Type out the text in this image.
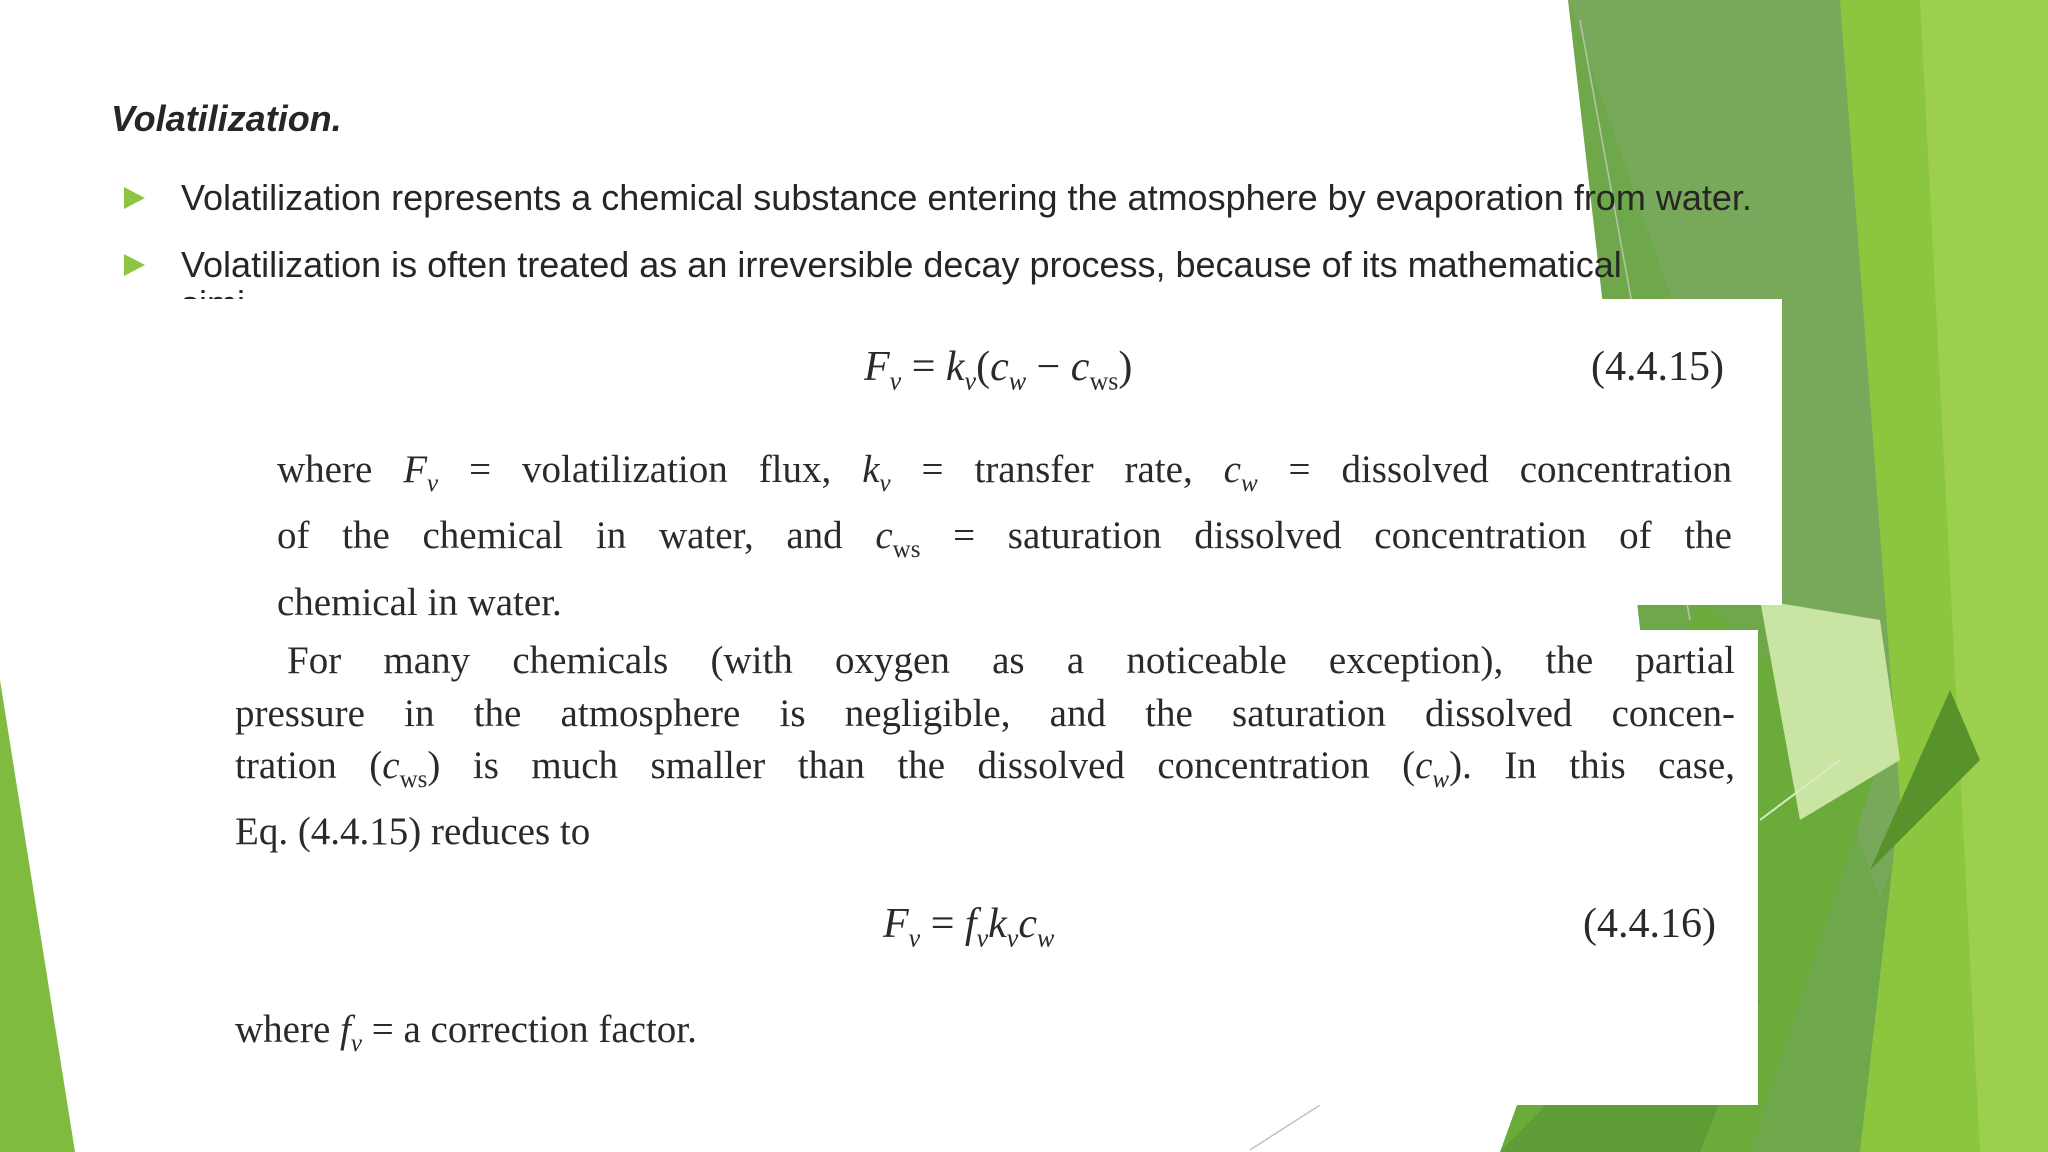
Volatilization.
Volatilization represents a chemical substance entering the atmosphere by evaporation from water.
Volatilization is often treated as an irreversible decay process, because of its mathematical
$F_v = k_v(c_w - c_{ws})$	(4.4.15)
where $F_v$ = volatilization flux, $k_v$ = transfer rate, $c_w$ = dissolved concentration
of the chemical in water, and $c_{ws}$ = saturation dissolved concentration of the
chemical in water.
For many chemicals (with oxygen as a noticeable exception), the partial
pressure in the atmosphere is negligible, and the saturation dissolved concen-
tration $(c_{ws})$ is much smaller than the dissolved concentration $(c_w)$. In this case,
Eq. (4.4.15) reduces to
$F_v = f_vk_vc_w$	(4.4.16)
where $f_v = a$ correction factor.
